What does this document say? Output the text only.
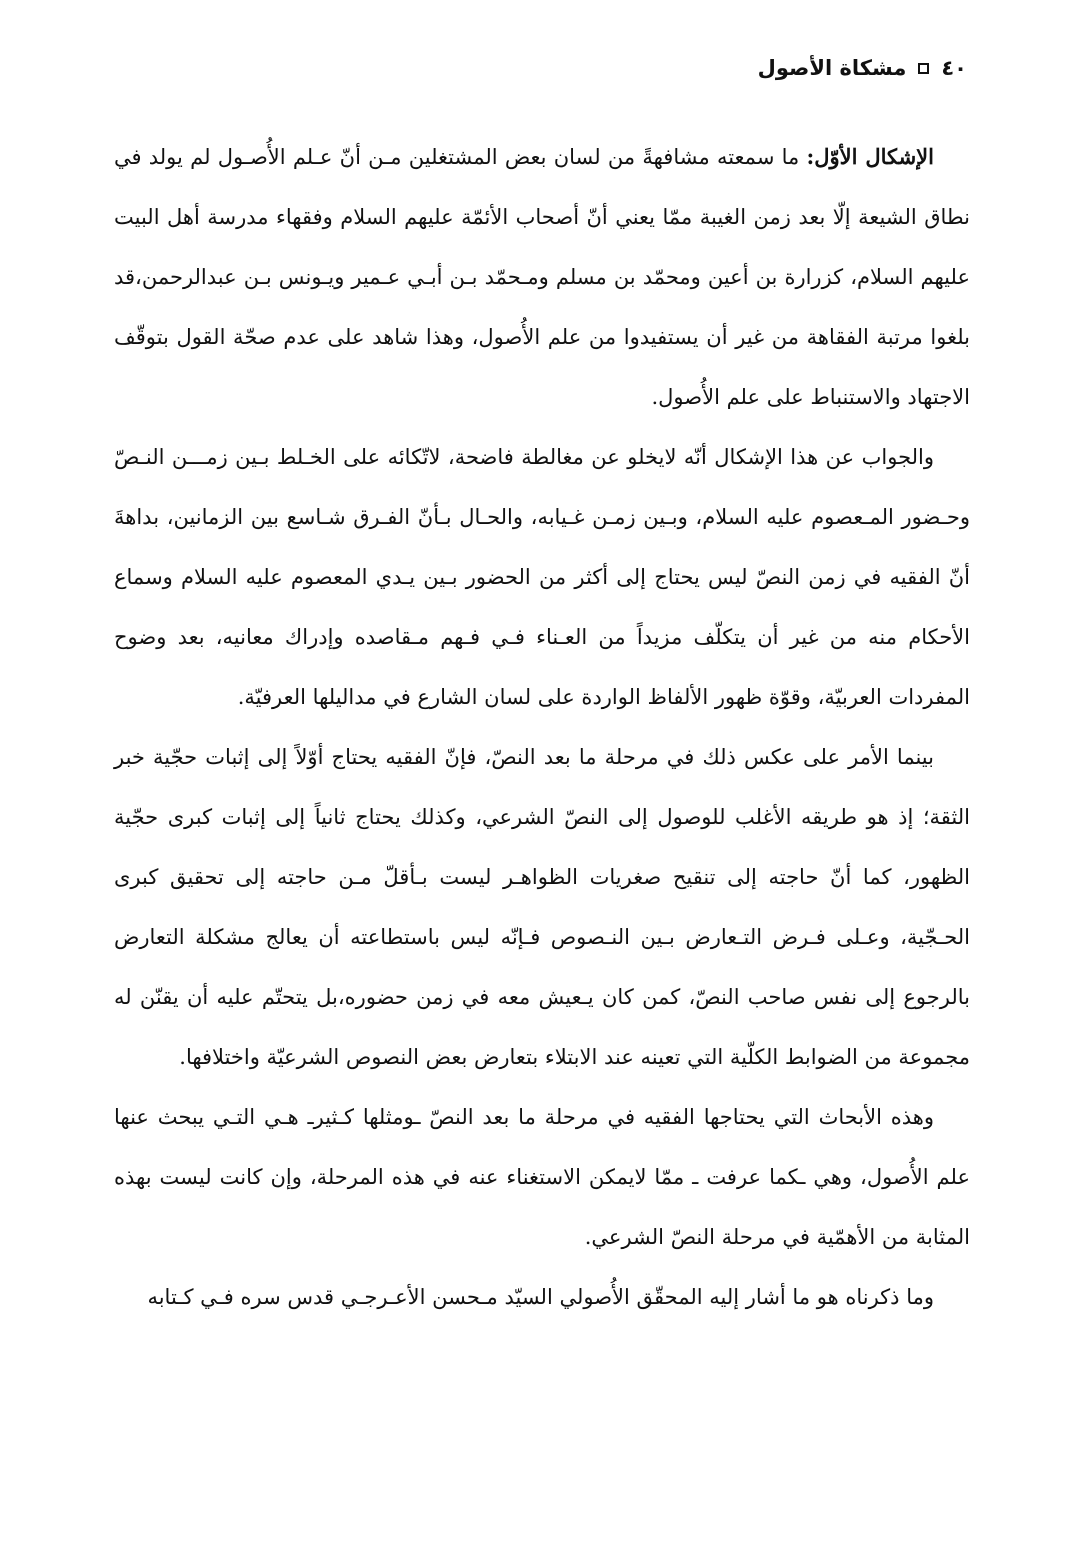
٤٠
مشكاة الأصول

الإشكال الأوّل: ما سمعته مشافهةً من لسان بعض المشتغلين مـن أنّ عـلم الأُصـول لم يولد في نطاق الشيعة إلّا بعد زمن الغيبة ممّا يعني أنّ أصحاب الأئمّة عليهم السلام وفقهاء مدرسة أهل البيت عليهم السلام، كزرارة بن أعين ومحمّد بن مسلم ومـحمّد بـن أبـي عـمير ويـونس بـن عبدالرحمن،قد بلغوا مرتبة الفقاهة من غير أن يستفيدوا من علم الأُصول، وهذا شاهد على عدم صحّة القول بتوقّف الاجتهاد والاستنباط على علم الأُصول.

والجواب عن هذا الإشكال أنّه لايخلو عن مغالطة فاضحة، لاتّكائه على الخـلط بـين زمـــن النـصّ وحـضور المـعصوم عليه السلام، وبـين زمـن غـيابه، والحـال بـأنّ الفـرق شـاسع بين الزمانين، بداهةَ أنّ الفقيه في زمن النصّ ليس يحتاج إلى أكثر من الحضور بـين يـدي المعصوم عليه السلام وسماع الأحكام منه من غير أن يتكلّف مزيداً من العـناء فـي فـهم مـقاصده وإدراك معانيه، بعد وضوح المفردات العربيّة، وقوّة ظهور الألفاظ الواردة على لسان الشارع في مداليلها العرفيّة.

بينما الأمر على عكس ذلك في مرحلة ما بعد النصّ، فإنّ الفقيه يحتاج أوّلاً إلى إثبات حجّية خبر الثقة؛ إذ هو طريقه الأغلب للوصول إلى النصّ الشرعي، وكذلك يحتاج ثانياً إلى إثبات كبرى حجّية الظهور، كما أنّ حاجته إلى تنقيح صغريات الظواهـر ليست بـأقلّ مـن حاجته إلى تحقيق كبرى الحـجّية، وعـلى فـرض التـعارض بـين النـصوص فـإنّه ليس باستطاعته أن يعالج مشكلة التعارض بالرجوع إلى نفس صاحب النصّ، كمن كان يـعيش معه في زمن حضوره،بل يتحتّم عليه أن يقنّن له مجموعة من الضوابط الكلّية التي تعينه عند الابتلاء بتعارض بعض النصوص الشرعيّة واختلافها.

وهذه الأبحاث التي يحتاجها الفقيه في مرحلة ما بعد النصّ ـومثلها كـثيرـ هـي التـي يبحث عنها علم الأُصول، وهي ـكما عرفت ـ ممّا لايمكن الاستغناء عنه في هذه المرحلة، وإن كانت ليست بهذه المثابة من الأهمّية في مرحلة النصّ الشرعي.

وما ذكرناه هو ما أشار إليه المحقّق الأُصولي السيّد مـحسن الأعـرجـي قدس سره فـي كـتابه
